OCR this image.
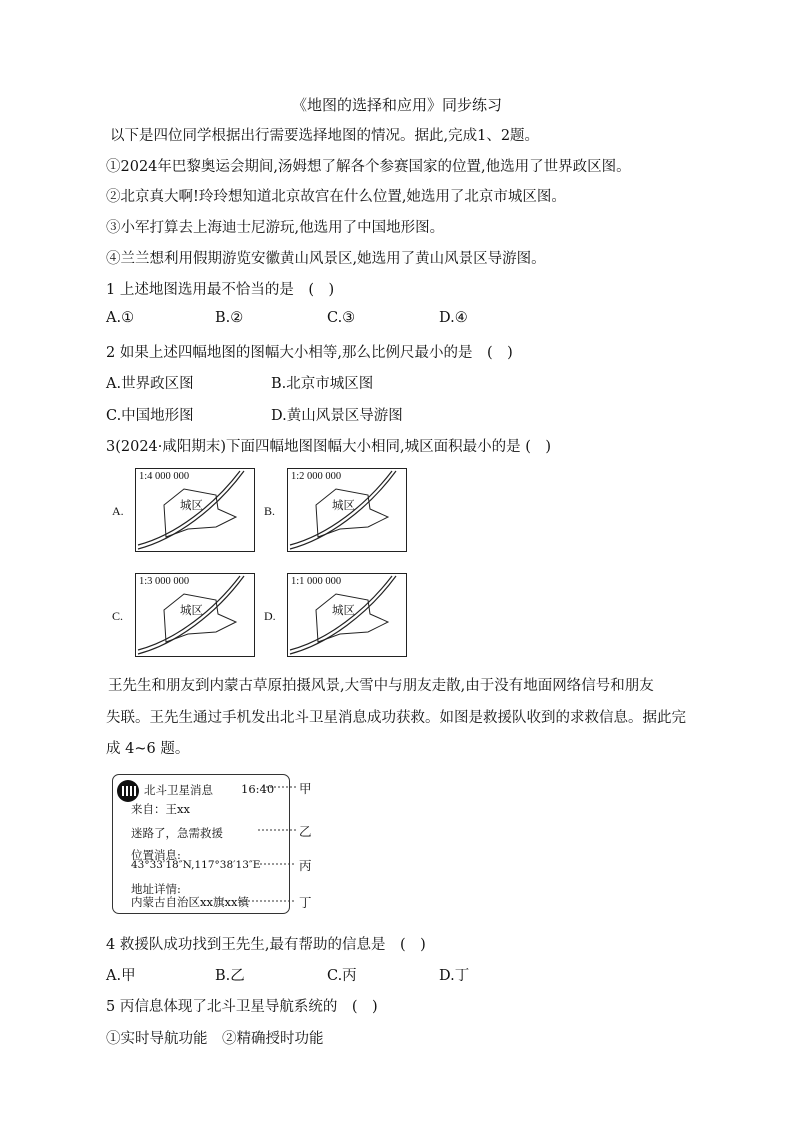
《地图的选择和应用》同步练习
以下是四位同学根据出行需要选择地图的情况。据此,完成1、2题。
①2024年巴黎奥运会期间,汤姆想了解各个参赛国家的位置,他选用了世界政区图。
②北京真大啊!玲玲想知道北京故宫在什么位置,她选用了北京市城区图。
③小军打算去上海迪士尼游玩,他选用了中国地形图。
④兰兰想利用假期游览安徽黄山风景区,她选用了黄山风景区导游图。
1 上述地图选用最不恰当的是　(　)
A.①	B.②	C.③	D.④
2 如果上述四幅地图的图幅大小相等,那么比例尺最小的是　(　)
A.世界政区图	B.北京市城区图
C.中国地形图	D.黄山风景区导游图
3(2024·咸阳期末)下面四幅地图图幅大小相同,城区面积最小的是 (　)
A.
1:4 000 000
城区	B.
1:2 000 000
城区
C.
1:3 000 000
城区	D.
1:1 000 000
城区
王先生和朋友到内蒙古草原拍摄风景,大雪中与朋友走散,由于没有地面网络信号和朋友
失联。王先生通过手机发出北斗卫星消息成功获救。如图是救援队收到的求救信息。据此完
成 4~6 题。
北斗卫星消息 16:40
来自：王xx
迷路了，急需救援
位置消息:
43°33′18″N,117°38′13″E
地址详情:
内蒙古自治区xx旗xx镇
甲
乙
丙
丁
4 救援队成功找到王先生,最有帮助的信息是　(　)
A.甲	B.乙	C.丙	D.丁
5 丙信息体现了北斗卫星导航系统的　(　)
①实时导航功能　②精确授时功能
